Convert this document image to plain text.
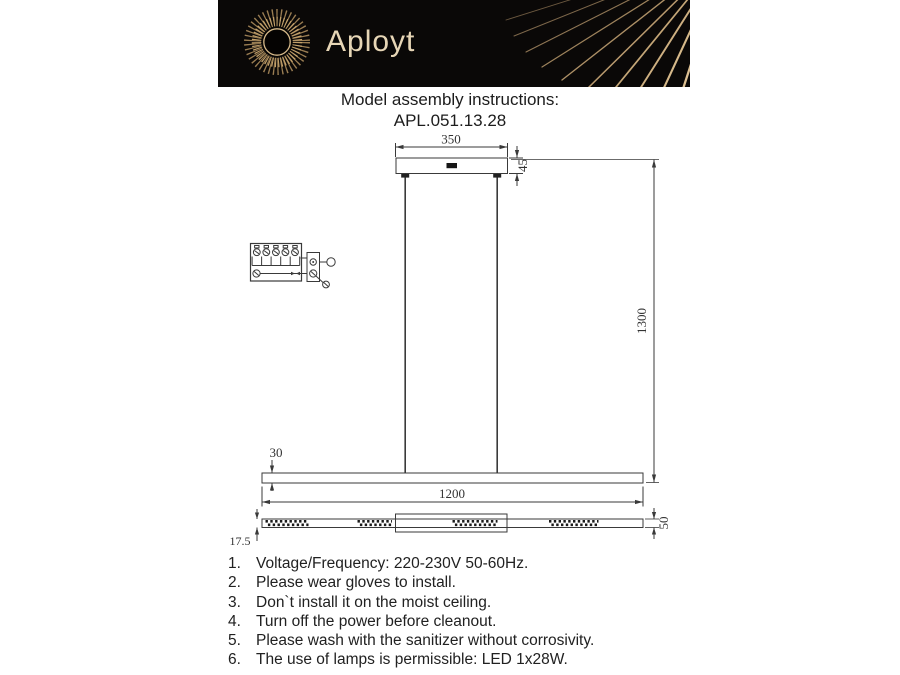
Aployt
Model assembly instructions:
APL.051.13.28
350
45
1300
30
1200
17.5
50
1. Voltage/Frequency: 220-230V 50-60Hz.
2. Please wear gloves to install.
3. Don`t install it on the moist ceiling.
4. Turn off the power before cleanout.
5. Please wash with the sanitizer without corrosivity.
6. The use of lamps is permissible: LED 1x28W.
